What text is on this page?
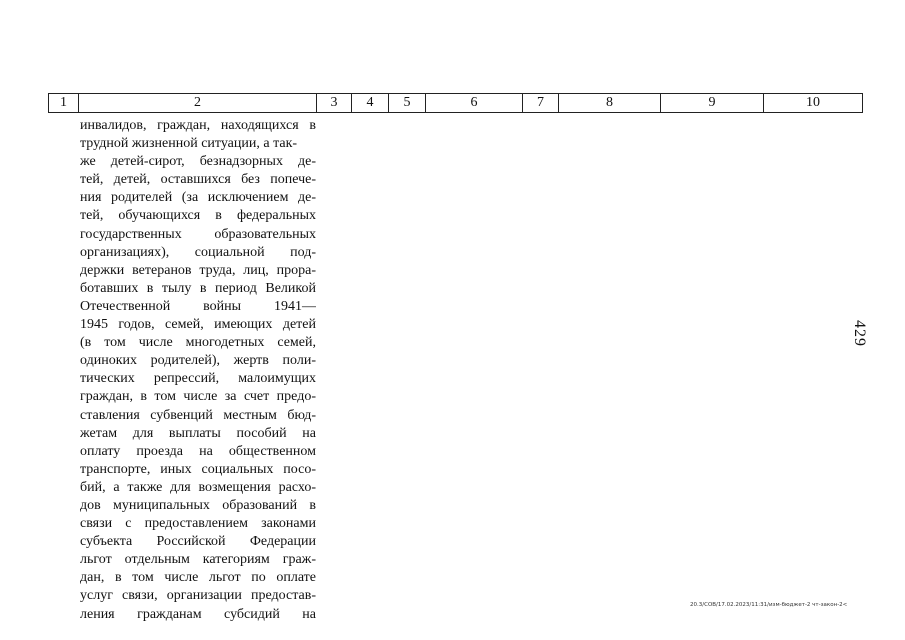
1	2	3	4	5	6	7	8	9	10
инвалидов, граждан, находящихся в
трудной жизненной ситуации, а так-
же детей-сирот, безнадзорных де-
тей, детей, оставшихся без попече-
ния родителей (за исключением де-
тей, обучающихся в федеральных
государственных образовательных
организациях), социальной под-
держки ветеранов труда, лиц, прора-
ботавших в тылу в период Великой
Отечественной войны 1941—
1945 годов, семей, имеющих детей
(в том числе многодетных семей,
одиноких родителей), жертв поли-
тических репрессий, малоимущих
граждан, в том числе за счет предо-
ставления субвенций местным бюд-
жетам для выплаты пособий на
оплату проезда на общественном
транспорте, иных социальных посо-
бий, а также для возмещения расхо-
дов муниципальных образований в
связи с предоставлением законами
субъекта Российской Федерации
льгот отдельным категориям граж-
дан, в том числе льгот по оплате
услуг связи, организации предостав-
ления гражданам субсидий на
429
20.3/СОВ/17.02.2023/11:31/изм-бюджет-2 чт-закон-2<
